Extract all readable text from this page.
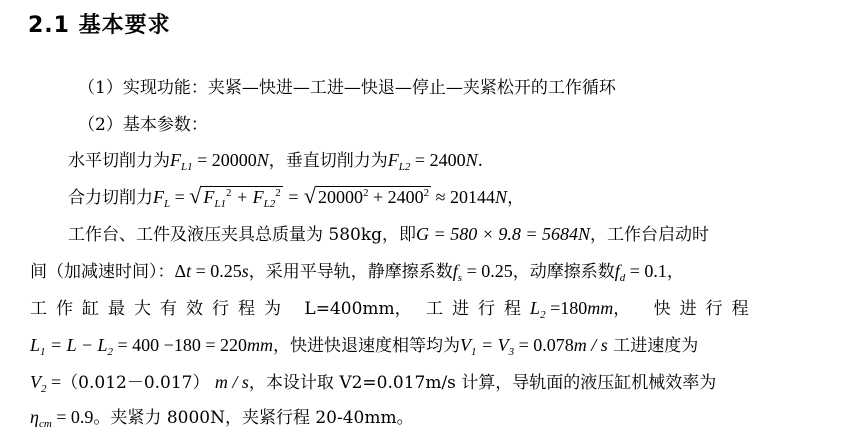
2.1 基本要求
（1）实现功能：夹紧—快进—工进—快退—停止—夹紧松开的工作循环
（2）基本参数：
水平切削力为$F_{L1} = 20000N$，垂直切削力为$F_{L2} = 2400N$.
合力切削力$F_L$ = √ $F_{L1}^2 + F_{L2}^2$ = √ $20000^2 + 2400^2 \approx 20144N$，
工作台、工件及液压夹具总质量为 580kg，即G = 580 × 9.8 = 5684N，工作台启动时
间（加减速时间）：Δt = 0.25s，采用平导轨，静摩擦系数$f_s = 0.25$，动摩擦系数$f_d = 0.1$，
工作缸最大有效行程为 L=400mm， 工进行程$L_2 =180mm$， 快进行程
$L_1 = L - L_2 = 400 -180 = 220mm$，快进快退速度相等均为$V_1 = V_3 = 0.078m / s$ 工进速度为
$V_2 =(0.012-0.017)$ m / s，本设计取 V2=0.017m/s 计算，导轨面的液压缸机械效率为
$\eta_{cm} = 0.9$。夹紧力 8000N，夹紧行程 20-40mm。
